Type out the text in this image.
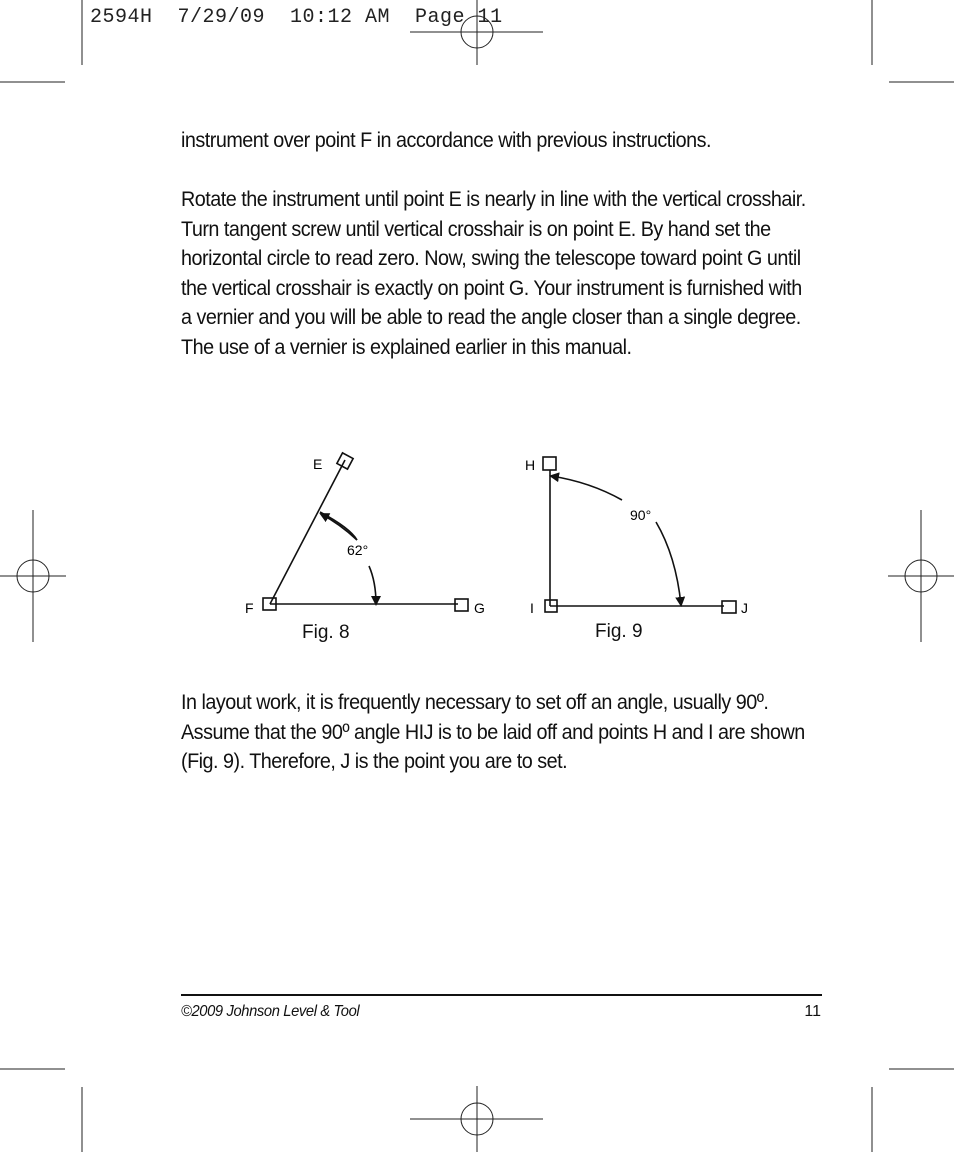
2594H  7/29/09  10:12 AM  Page 11
instrument over point F in accordance with previous instructions.
Rotate the instrument until point E is nearly in line with the vertical crosshair. Turn tangent screw until vertical crosshair is on point E. By hand set the horizontal circle to read zero. Now, swing the telescope toward point G until the vertical crosshair is exactly on point G. Your instrument is furnished with a vernier and you will be able to read the angle closer than a single degree. The use of a vernier is explained earlier in this manual.
E
F	G
62°
H
I	J
90°
Fig. 8	Fig. 9
In layout work, it is frequently necessary to set off an angle, usually 90º. Assume that the 90º angle HIJ is to be laid off and points H and I are shown (Fig. 9). Therefore, J is the point you are to set.
©2009 Johnson Level & Tool	11
